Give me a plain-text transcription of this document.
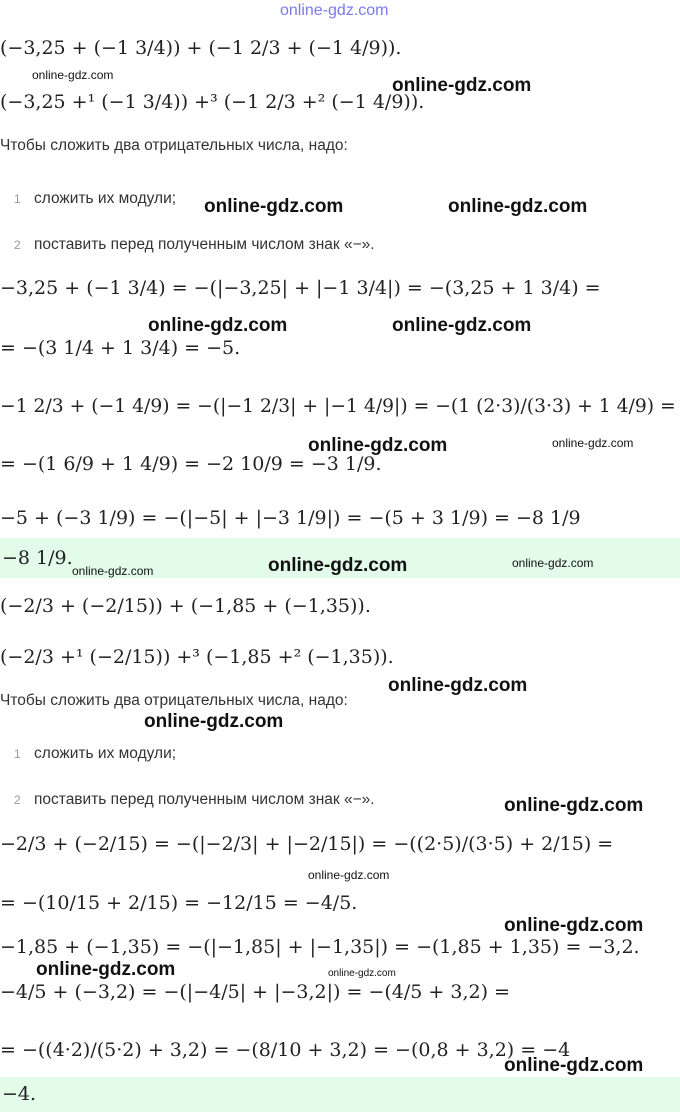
(−3,25 + (−1 3/4)) + (−1 2/3 + (−1 4/9)).
(−3,25 +¹ (−1 3/4)) +³ (−1 2/3 +² (−1 4/9)).
Чтобы сложить два отрицательных числа, надо:
1 сложить их модули;
2 поставить перед полученным числом знак «−».
−3,25 + (−1 3/4) = −(|−3,25| + |−1 3/4|) = −(3,25 + 1 3/4) =
= −(3 1/4 + 1 3/4) = −5.
−1 2/3 + (−1 4/9) = −(|−1 2/3| + |−1 4/9|) = −(1 (2·3)/(3·3) + 1 4/9) =
= −(1 6/9 + 1 4/9) = −2 10/9 = −3 1/9.
−5 + (−3 1/9) = −(|−5| + |−3 1/9|) = −(5 + 3 1/9) = −8 1/9
−8 1/9.
(−2/3 + (−2/15)) + (−1,85 + (−1,35)).
(−2/3 +¹ (−2/15)) +³ (−1,85 +² (−1,35)).
Чтобы сложить два отрицательных числа, надо:
1 сложить их модули;
2 поставить перед полученным числом знак «−».
−2/3 + (−2/15) = −(|−2/3| + |−2/15|) = −((2·5)/(3·5) + 2/15) =
= −(10/15 + 2/15) = −12/15 = −4/5.
−1,85 + (−1,35) = −(|−1,85| + |−1,35|) = −(1,85 + 1,35) = −3,2.
−4/5 + (−3,2) = −(|−4/5| + |−3,2|) = −(4/5 + 3,2) =
= −((4·2)/(5·2) + 3,2) = −(8/10 + 3,2) = −(0,8 + 3,2) = −4
−4.
online-gdz.com
online-gdz.com	online-gdz.com
online-gdz.com	online-gdz.com
online-gdz.com	online-gdz.com
online-gdz.com	online-gdz.com
online-gdz.com	online-gdz.com	online-gdz.com
online-gdz.com
online-gdz.com
online-gdz.com
online-gdz.com
online-gdz.com
online-gdz.com	online-gdz.com
online-gdz.com
